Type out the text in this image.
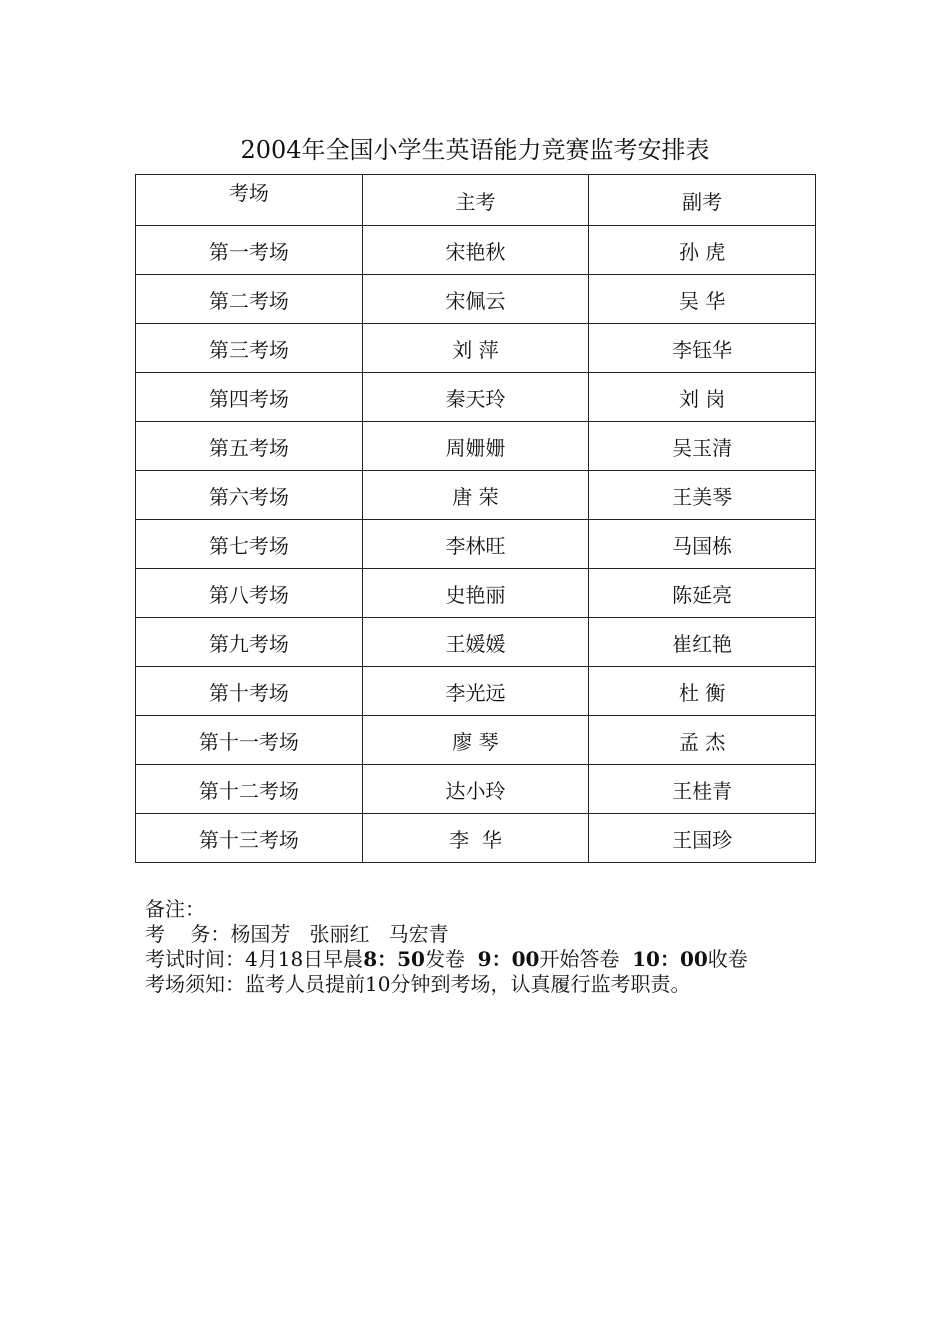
2004年全国小学生英语能力竞赛监考安排表
考场	主考	副考
第一考场	宋艳秋	孙 虎
第二考场	宋佩云	吴 华
第三考场	刘 萍	李钰华
第四考场	秦天玲	刘 岗
第五考场	周姗姗	吴玉清
第六考场	唐 荣	王美琴
第七考场	李林旺	马国栋
第八考场	史艳丽	陈延亮
第九考场	王媛媛	崔红艳
第十考场	李光远	杜 衡
第十一考场	廖 琴	孟 杰
第十二考场	达小玲	王桂青
第十三考场	李  华	王国珍
备注：
考    务：杨国芳   张丽红   马宏青
考试时间：4月18日早晨8：50发卷  9：00开始答卷  10：00收卷
考场须知：监考人员提前10分钟到考场，认真履行监考职责。
